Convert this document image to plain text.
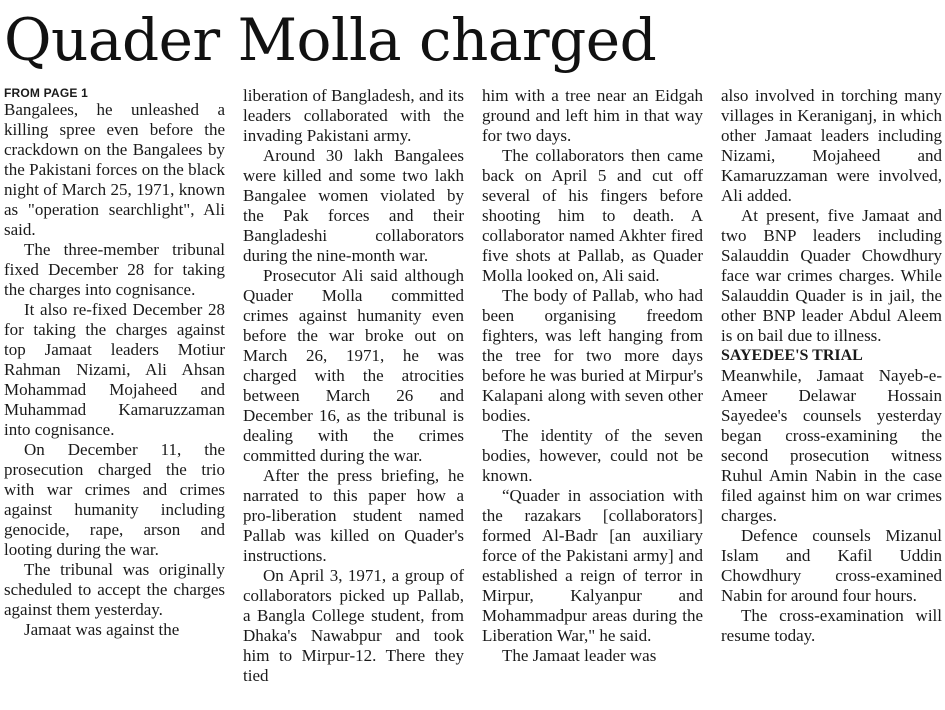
Quader Molla charged
FROM PAGE 1

Bangalees, he unleashed a killing spree even before the crackdown on the Bangalees by the Pakistani forces on the black night of March 25, 1971, known as "operation searchlight", Ali said.

The three-member tribunal fixed December 28 for taking the charges into cognisance.

It also re-fixed December 28 for taking the charges against top Jamaat leaders Motiur Rahman Nizami, Ali Ahsan Mohammad Mojaheed and Muhammad Kamaruzzaman into cognisance.

On December 11, the prosecution charged the trio with war crimes and crimes against humanity including genocide, rape, arson and looting during the war.

The tribunal was originally scheduled to accept the charges against them yesterday.

Jamaat was against the

liberation of Bangladesh, and its leaders collaborated with the invading Pakistani army.

Around 30 lakh Bangalees were killed and some two lakh Bangalee women violated by the Pak forces and their Bangladeshi collaborators during the nine-month war.

Prosecutor Ali said although Quader Molla committed crimes against humanity even before the war broke out on March 26, 1971, he was charged with the atrocities between March 26 and December 16, as the tribunal is dealing with the crimes committed during the war.

After the press briefing, he narrated to this paper how a pro-liberation student named Pallab was killed on Quader's instructions.

On April 3, 1971, a group of collaborators picked up Pallab, a Bangla College student, from Dhaka's Nawabpur and took him to Mirpur-12. There they tied

him with a tree near an Eidgah ground and left him in that way for two days.

The collaborators then came back on April 5 and cut off several of his fingers before shooting him to death. A collaborator named Akhter fired five shots at Pallab, as Quader Molla looked on, Ali said.

The body of Pallab, who had been organising freedom fighters, was left hanging from the tree for two more days before he was buried at Mirpur's Kalapani along with seven other bodies.

The identity of the seven bodies, however, could not be known.

“Quader in association with the razakars [collaborators] formed Al-Badr [an auxiliary force of the Pakistani army] and established a reign of terror in Mirpur, Kalyanpur and Mohammadpur areas during the Liberation War," he said.

The Jamaat leader was

also involved in torching many villages in Keraniganj, in which other Jamaat leaders including Nizami, Mojaheed and Kamaruzzaman were involved, Ali added.

At present, five Jamaat and two BNP leaders including Salauddin Quader Chowdhury face war crimes charges. While Salauddin Quader is in jail, the other BNP leader Abdul Aleem is on bail due to illness.

SAYEDEE'S TRIAL

Meanwhile, Jamaat Nayeb-e-Ameer Delawar Hossain Sayedee's counsels yesterday began cross-examining the second prosecution witness Ruhul Amin Nabin in the case filed against him on war crimes charges.

Defence counsels Mizanul Islam and Kafil Uddin Chowdhury cross-examined Nabin for around four hours.

The cross-examination will resume today.
